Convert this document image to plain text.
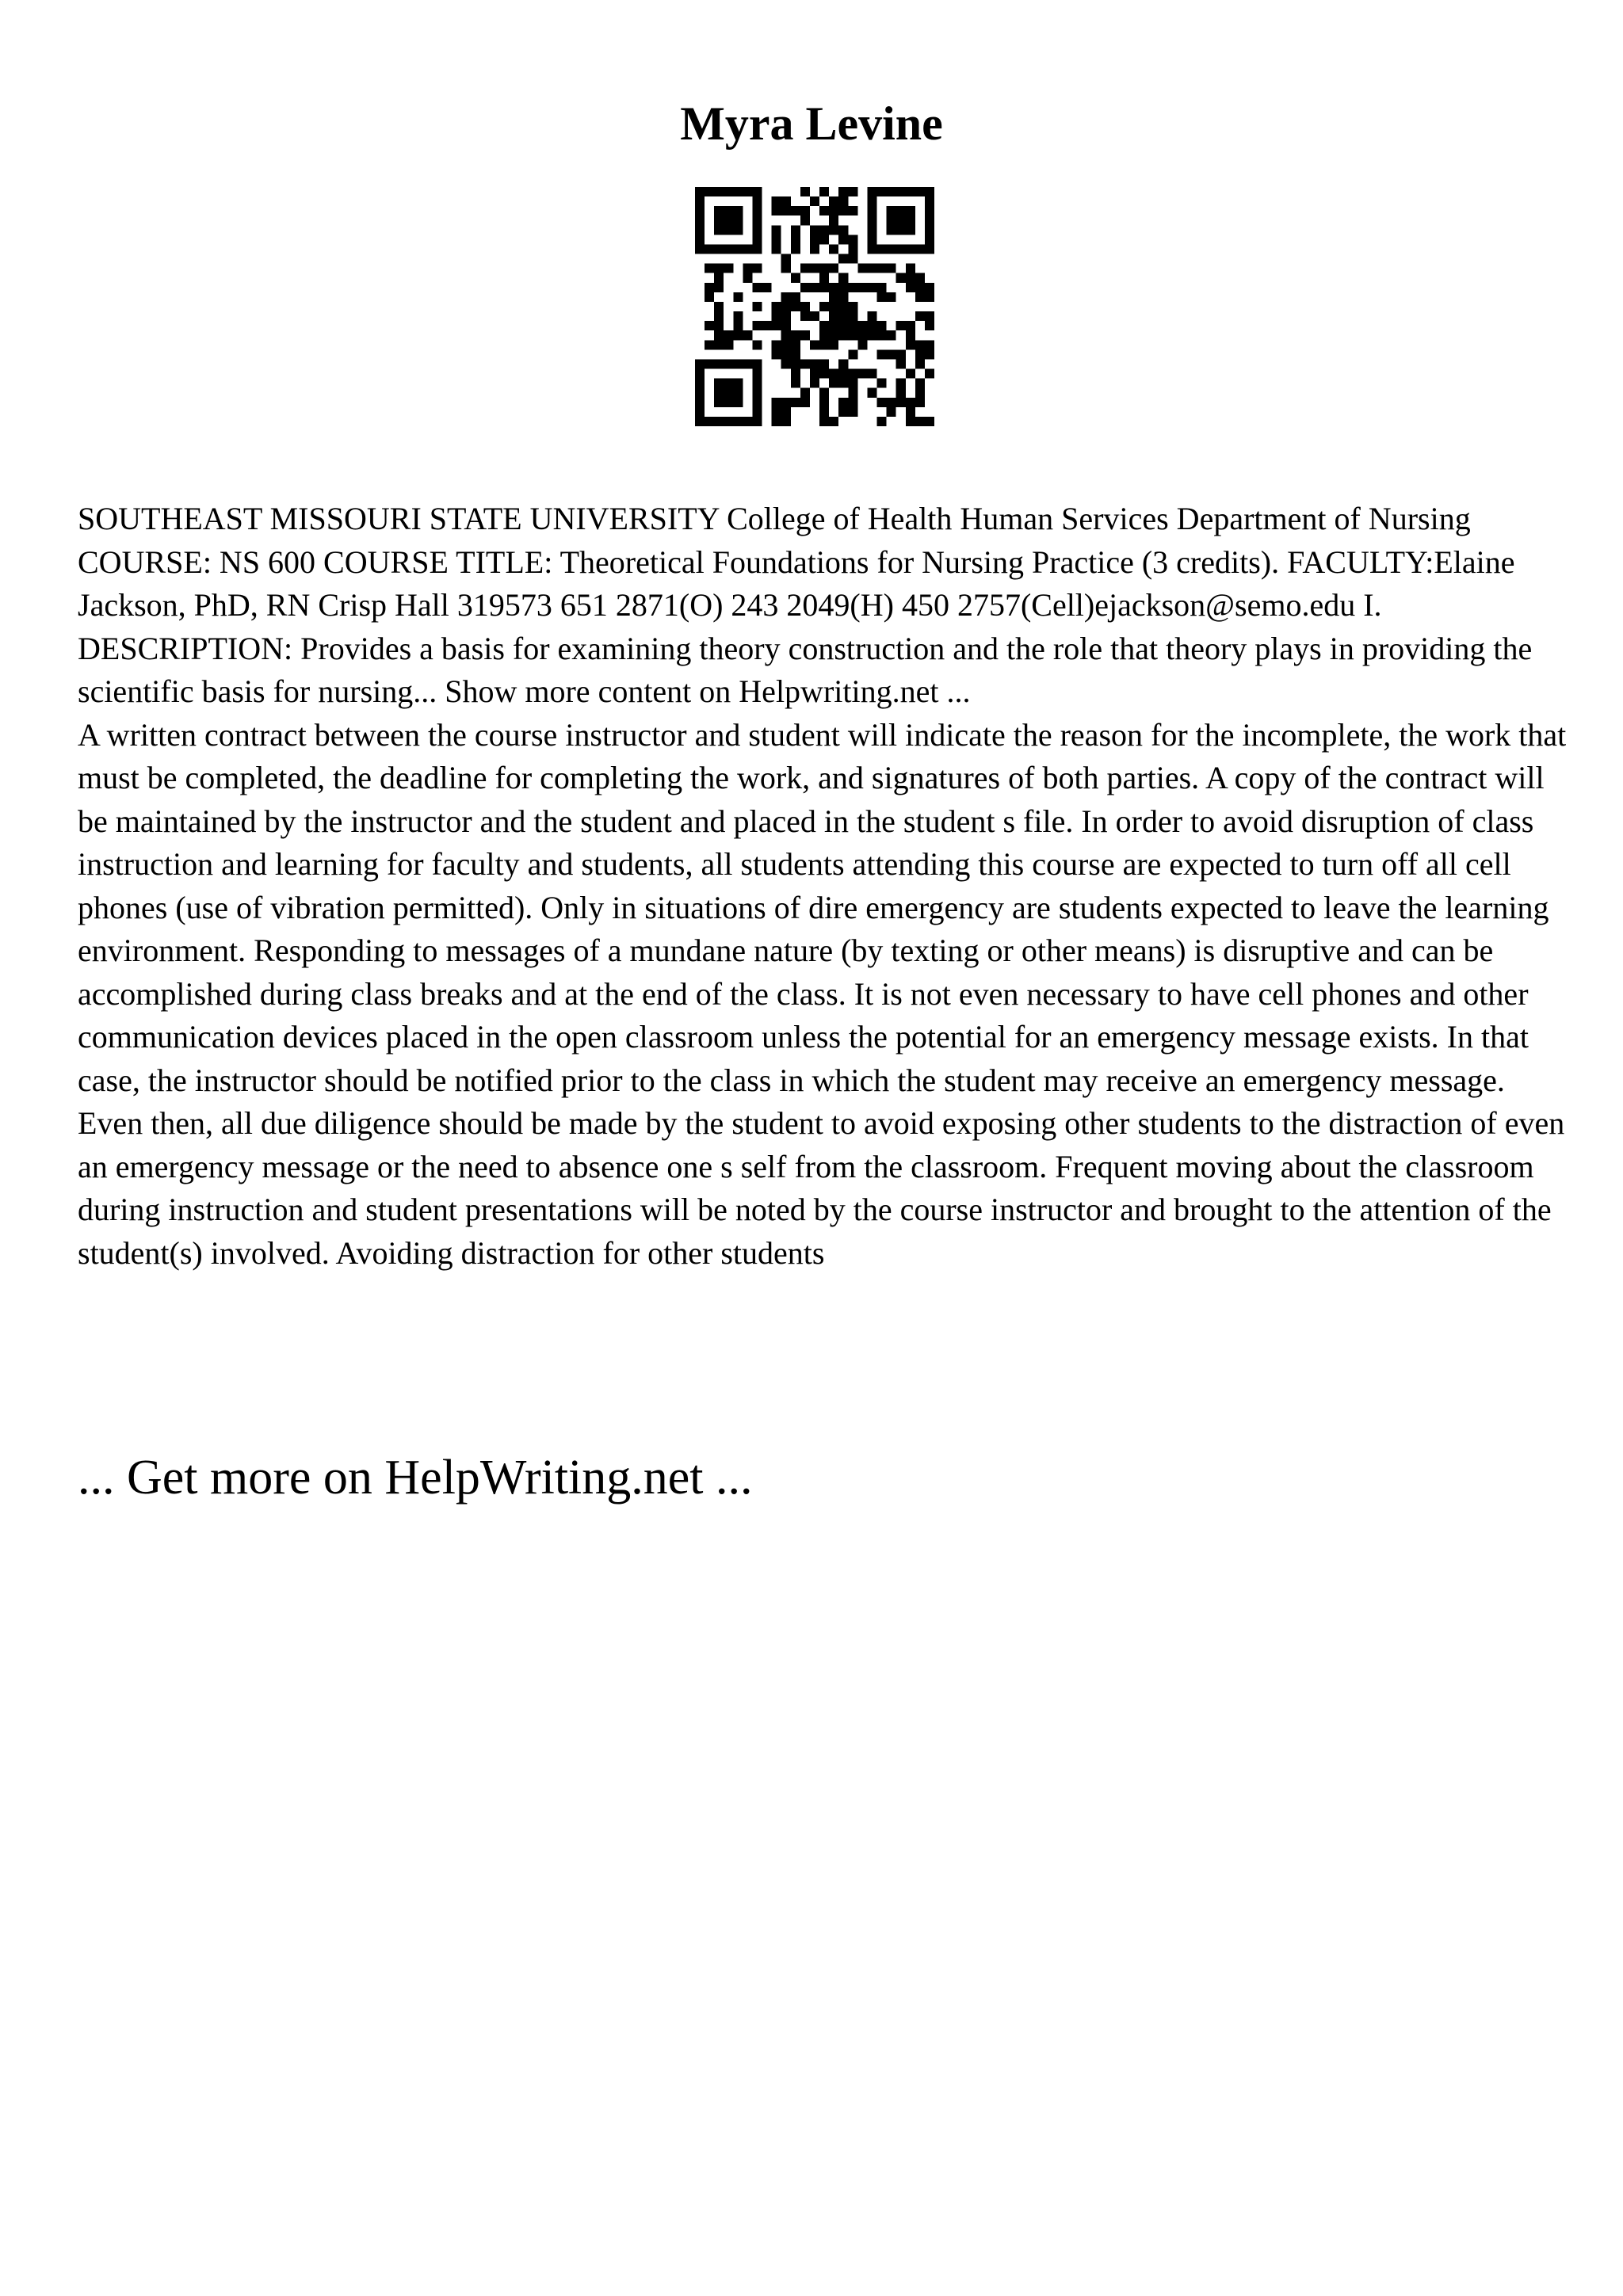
Myra Levine

SOUTHEAST MISSOURI STATE UNIVERSITY College of Health Human Services Department of Nursing COURSE: NS 600 COURSE TITLE: Theoretical Foundations for Nursing Practice (3 credits). FACULTY:Elaine Jackson, PhD, RN Crisp Hall 319573 651 2871(O) 243 2049(H) 450 2757(Cell)ejackson@semo.edu I. DESCRIPTION: Provides a basis for examining theory construction and the role that theory plays in providing the scientific basis for nursing... Show more content on Helpwriting.net ...

A written contract between the course instructor and student will indicate the reason for the incomplete, the work that must be completed, the deadline for completing the work, and signatures of both parties. A copy of the contract will be maintained by the instructor and the student and placed in the student s file. In order to avoid disruption of class instruction and learning for faculty and students, all students attending this course are expected to turn off all cell phones (use of vibration permitted). Only in situations of dire emergency are students expected to leave the learning environment. Responding to messages of a mundane nature (by texting or other means) is disruptive and can be accomplished during class breaks and at the end of the class. It is not even necessary to have cell phones and other communication devices placed in the open classroom unless the potential for an emergency message exists. In that case, the instructor should be notified prior to the class in which the student may receive an emergency message. Even then, all due diligence should be made by the student to avoid exposing other students to the distraction of even an emergency message or the need to absence one s self from the classroom. Frequent moving about the classroom during instruction and student presentations will be noted by the course instructor and brought to the attention of the student(s) involved. Avoiding distraction for other students

... Get more on HelpWriting.net ...
